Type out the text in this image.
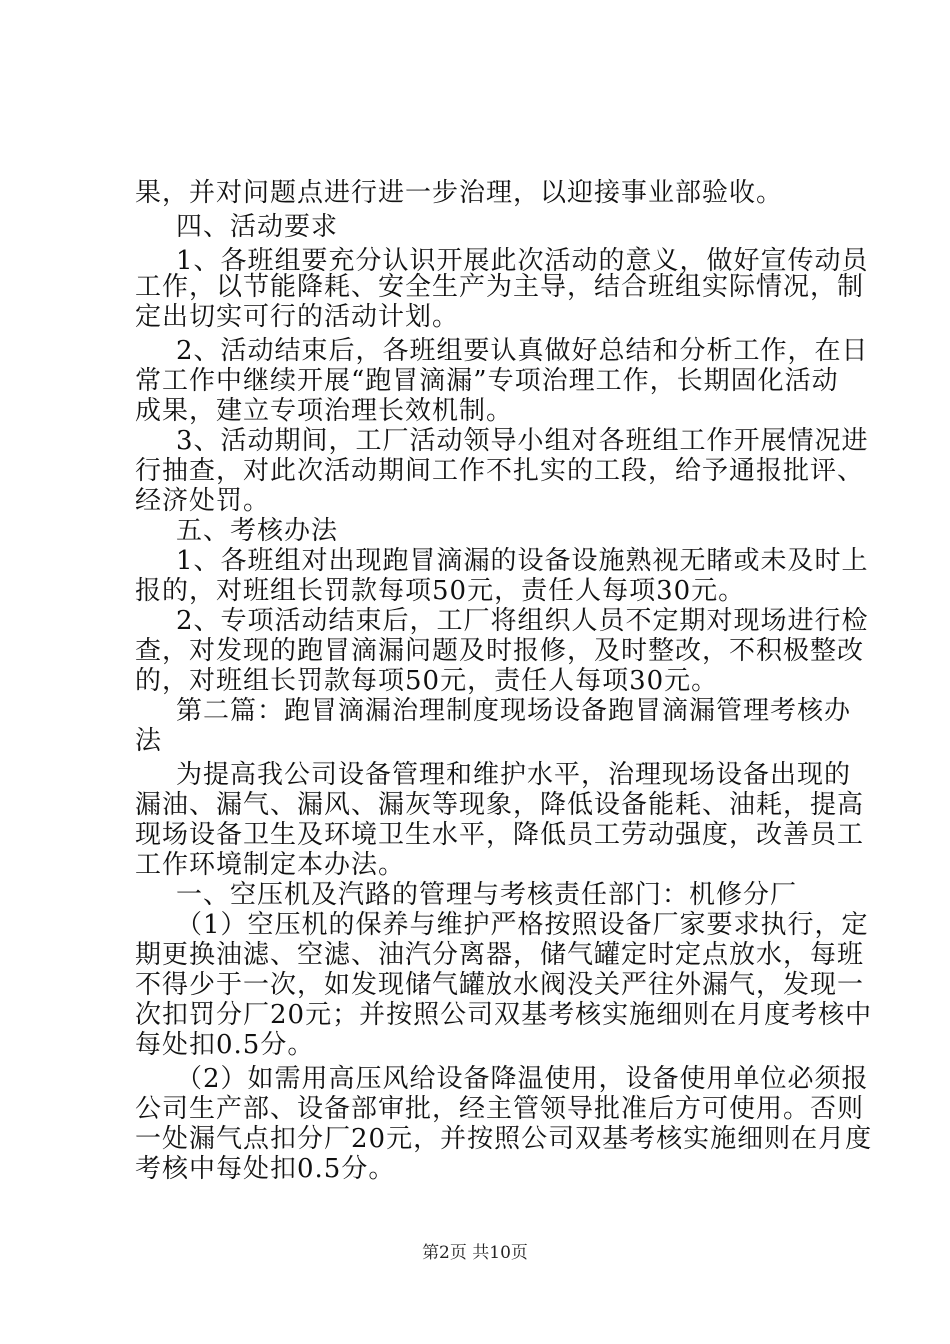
果，并对问题点进行进一步治理，以迎接事业部验收。
四、活动要求
1、各班组要充分认识开展此次活动的意义，做好宣传动员
工作，以节能降耗、安全生产为主导，结合班组实际情况，制
定出切实可行的活动计划。
2、活动结束后，各班组要认真做好总结和分析工作，在日
常工作中继续开展“跑冒滴漏”专项治理工作，长期固化活动
成果，建立专项治理长效机制。
3、活动期间，工厂活动领导小组对各班组工作开展情况进
行抽查，对此次活动期间工作不扎实的工段，给予通报批评、
经济处罚。
五、考核办法
1、各班组对出现跑冒滴漏的设备设施熟视无睹或未及时上
报的，对班组长罚款每项50元，责任人每项30元。
2、专项活动结束后，工厂将组织人员不定期对现场进行检
查，对发现的跑冒滴漏问题及时报修，及时整改，不积极整改
的，对班组长罚款每项50元，责任人每项30元。
第二篇：跑冒滴漏治理制度现场设备跑冒滴漏管理考核办
法
为提高我公司设备管理和维护水平，治理现场设备出现的
漏油、漏气、漏风、漏灰等现象，降低设备能耗、油耗，提高
现场设备卫生及环境卫生水平，降低员工劳动强度，改善员工
工作环境制定本办法。
一、空压机及汽路的管理与考核责任部门：机修分厂
（1）空压机的保养与维护严格按照设备厂家要求执行，定
期更换油滤、空滤、油汽分离器，储气罐定时定点放水，每班
不得少于一次，如发现储气罐放水阀没关严往外漏气，发现一
次扣罚分厂20元；并按照公司双基考核实施细则在月度考核中
每处扣0.5分。
（2）如需用高压风给设备降温使用，设备使用单位必须报
公司生产部、设备部审批，经主管领导批准后方可使用。否则
一处漏气点扣分厂20元，并按照公司双基考核实施细则在月度
考核中每处扣0.5分。
第2页 共10页
